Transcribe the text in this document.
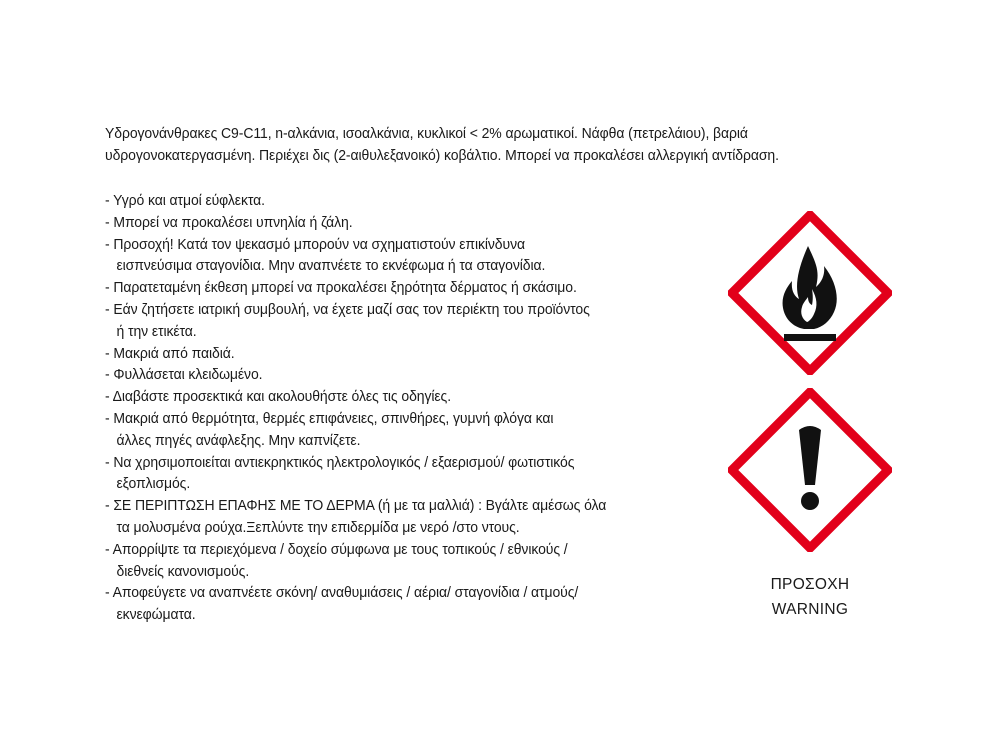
Υδρογονάνθρακες C9-C11, n-αλκάνια, ισοαλκάνια, κυκλικοί < 2% αρωματικοί. Νάφθα (πετρελάιου), βαριά
υδρογονοκατεργασμένη. Περιέχει δις (2-αιθυλεξανοικό) κοβάλτιο. Μπορεί να προκαλέσει αλλεργική αντίδραση.
- Υγρό και ατμοί εύφλεκτα.
- Μπορεί να προκαλέσει υπνηλία ή ζάλη.
- Προσοχή! Κατά τον ψεκασμό μπορούν να σχηματιστούν επικίνδυνα
εισπνεύσιμα σταγονίδια. Μην αναπνέετε το εκνέφωμα ή τα σταγονίδια.
- Παρατεταμένη έκθεση μπορεί να προκαλέσει ξηρότητα δέρματος ή σκάσιμο.
- Εάν ζητήσετε ιατρική συμβουλή, να έχετε μαζί σας τον περιέκτη του προϊόντος
ή την ετικέτα.
- Μακριά από παιδιά.
- Φυλλάσεται κλειδωμένο.
- Διαβάστε προσεκτικά και ακολουθήστε όλες τις οδηγίες.
- Μακριά από θερμότητα, θερμές επιφάνειες, σπινθήρες, γυμνή φλόγα και
άλλες πηγές ανάφλεξης. Μην καπνίζετε.
- Να χρησιμοποιείται αντιεκρηκτικός ηλεκτρολογικός / εξαερισμού/ φωτιστικός
εξοπλισμός.
- ΣΕ ΠΕΡΙΠΤΩΣΗ ΕΠΑΦΗΣ ΜΕ ΤΟ ΔΕΡΜΑ (ή με τα μαλλιά) : Βγάλτε αμέσως όλα
τα μολυσμένα ρούχα.Ξεπλύντε την επιδερμίδα με νερό /στο ντους.
- Απορρίψτε τα περιεχόμενα / δοχείο σύμφωνα με τους τοπικούς / εθνικούς /
διεθνείς κανονισμούς.
- Αποφεύγετε να αναπνέετε σκόνη/ αναθυμιάσεις / αέρια/ σταγονίδια / ατμούς/
εκνεφώματα.
ΠΡΟΣΟΧΗ
WARNING
